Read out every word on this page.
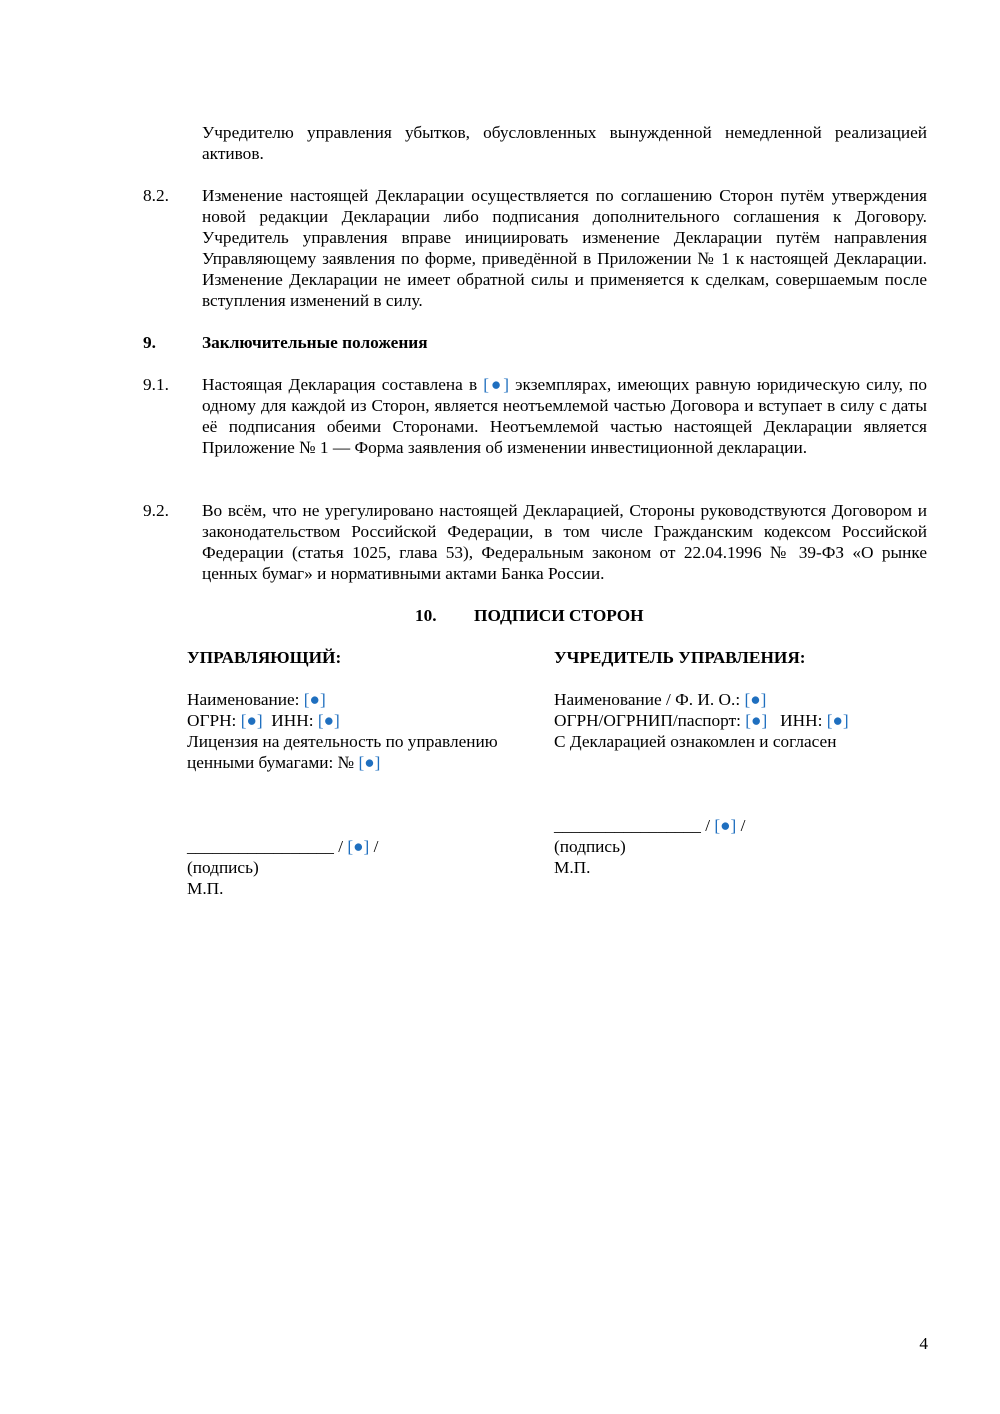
Учредителю управления убытков, обусловленных вынужденной немедленной реализацией активов.
8.2.	Изменение настоящей Декларации осуществляется по соглашению Сторон путём утверждения новой редакции Декларации либо подписания дополнительного соглашения к Договору. Учредитель управления вправе инициировать изменение Декларации путём направления Управляющему заявления по форме, приведённой в Приложении № 1 к настоящей Декларации. Изменение Декларации не имеет обратной силы и применяется к сделкам, совершаемым после вступления изменений в силу.
9.	Заключительные положения
9.1.	Настоящая Декларация составлена в [●] экземплярах, имеющих равную юридическую силу, по одному для каждой из Сторон, является неотъемлемой частью Договора и вступает в силу с даты её подписания обеими Сторонами. Неотъемлемой частью настоящей Декларации является Приложение № 1 — Форма заявления об изменении инвестиционной декларации.
9.2.	Во всём, что не урегулировано настоящей Декларацией, Стороны руководствуются Договором и законодательством Российской Федерации, в том числе Гражданским кодексом Российской Федерации (статья 1025, глава 53), Федеральным законом от 22.04.1996 № 39-ФЗ «О рынке ценных бумаг» и нормативными актами Банка России.
10. ПОДПИСИ СТОРОН
УПРАВЛЯЮЩИЙ:
Наименование: [●]
ОГРН: [●] ИНН: [●]
Лицензия на деятельность по управлению ценными бумагами: № [●]
_________________ / [●] /
(подпись)
М.П.
УЧРЕДИТЕЛЬ УПРАВЛЕНИЯ:
Наименование / Ф. И. О.: [●]
ОГРН/ОГРНИП/паспорт: [●] ИНН: [●]
С Декларацией ознакомлен и согласен
_________________ / [●] /
(подпись)
М.П.
4
